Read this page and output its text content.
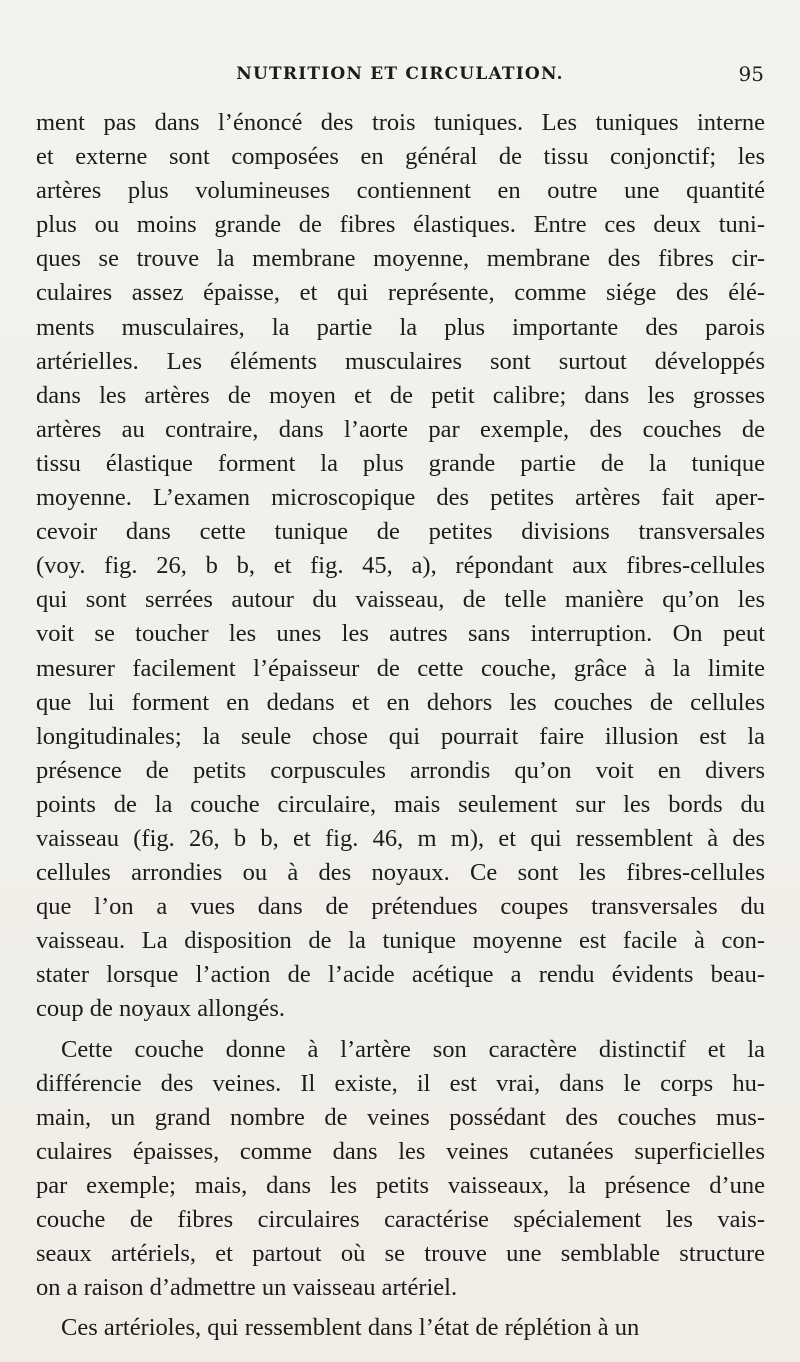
NUTRITION ET CIRCULATION.	95
ment pas dans l’énoncé des trois tuniques. Les tuniques interne
et externe sont composées en général de tissu conjonctif; les
artères plus volumineuses contiennent en outre une quantité
plus ou moins grande de fibres élastiques. Entre ces deux tuni-
ques se trouve la membrane moyenne, membrane des fibres cir-
culaires assez épaisse, et qui représente, comme siége des élé-
ments musculaires, la partie la plus importante des parois
artérielles. Les éléments musculaires sont surtout développés
dans les artères de moyen et de petit calibre; dans les grosses
artères au contraire, dans l’aorte par exemple, des couches de
tissu élastique forment la plus grande partie de la tunique
moyenne. L’examen microscopique des petites artères fait aper-
cevoir dans cette tunique de petites divisions transversales
(voy. fig. 26, b b, et fig. 45, a), répondant aux fibres-cellules
qui sont serrées autour du vaisseau, de telle manière qu’on les
voit se toucher les unes les autres sans interruption. On peut
mesurer facilement l’épaisseur de cette couche, grâce à la limite
que lui forment en dedans et en dehors les couches de cellules
longitudinales; la seule chose qui pourrait faire illusion est la
présence de petits corpuscules arrondis qu’on voit en divers
points de la couche circulaire, mais seulement sur les bords du
vaisseau (fig. 26, b b, et fig. 46, m m), et qui ressemblent à des
cellules arrondies ou à des noyaux. Ce sont les fibres-cellules
que l’on a vues dans de prétendues coupes transversales du
vaisseau. La disposition de la tunique moyenne est facile à con-
stater lorsque l’action de l’acide acétique a rendu évidents beau-
coup de noyaux allongés.
Cette couche donne à l’artère son caractère distinctif et la
différencie des veines. Il existe, il est vrai, dans le corps hu-
main, un grand nombre de veines possédant des couches mus-
culaires épaisses, comme dans les veines cutanées superficielles
par exemple; mais, dans les petits vaisseaux, la présence d’une
couche de fibres circulaires caractérise spécialement les vais-
seaux artériels, et partout où se trouve une semblable structure
on a raison d’admettre un vaisseau artériel.
Ces artérioles, qui ressemblent dans l’état de réplétion à un
